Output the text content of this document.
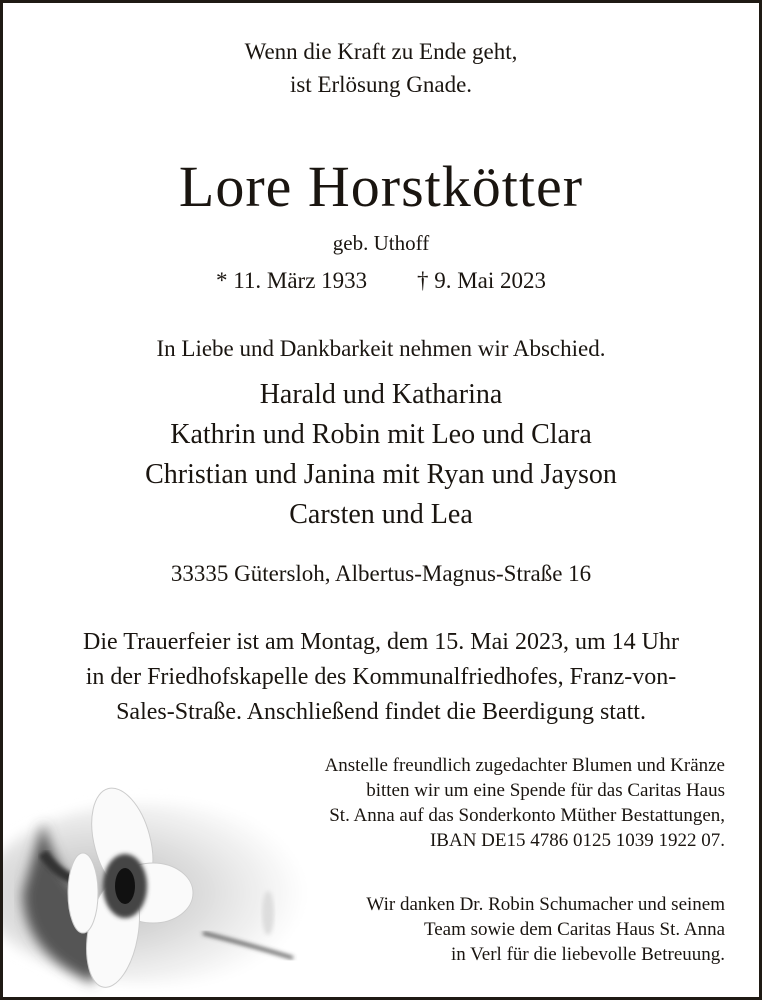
Wenn die Kraft zu Ende geht,
ist Erlösung Gnade.
Lore Horstkötter
geb. Uthoff
* 11. März 1933 † 9. Mai 2023
In Liebe und Dankbarkeit nehmen wir Abschied.
Harald und Katharina
Kathrin und Robin mit Leo und Clara
Christian und Janina mit Ryan und Jayson
Carsten und Lea
33335 Gütersloh, Albertus-Magnus-Straße 16
Die Trauerfeier ist am Montag, dem 15. Mai 2023, um 14 Uhr
in der Friedhofskapelle des Kommunalfriedhofes, Franz-von-
Sales-Straße. Anschließend findet die Beerdigung statt.
Anstelle freundlich zugedachter Blumen und Kränze
bitten wir um eine Spende für das Caritas Haus
St. Anna auf das Sonderkonto Müther Bestattungen,
IBAN DE15 4786 0125 1039 1922 07.
Wir danken Dr. Robin Schumacher und seinem
Team sowie dem Caritas Haus St. Anna
in Verl für die liebevolle Betreuung.
